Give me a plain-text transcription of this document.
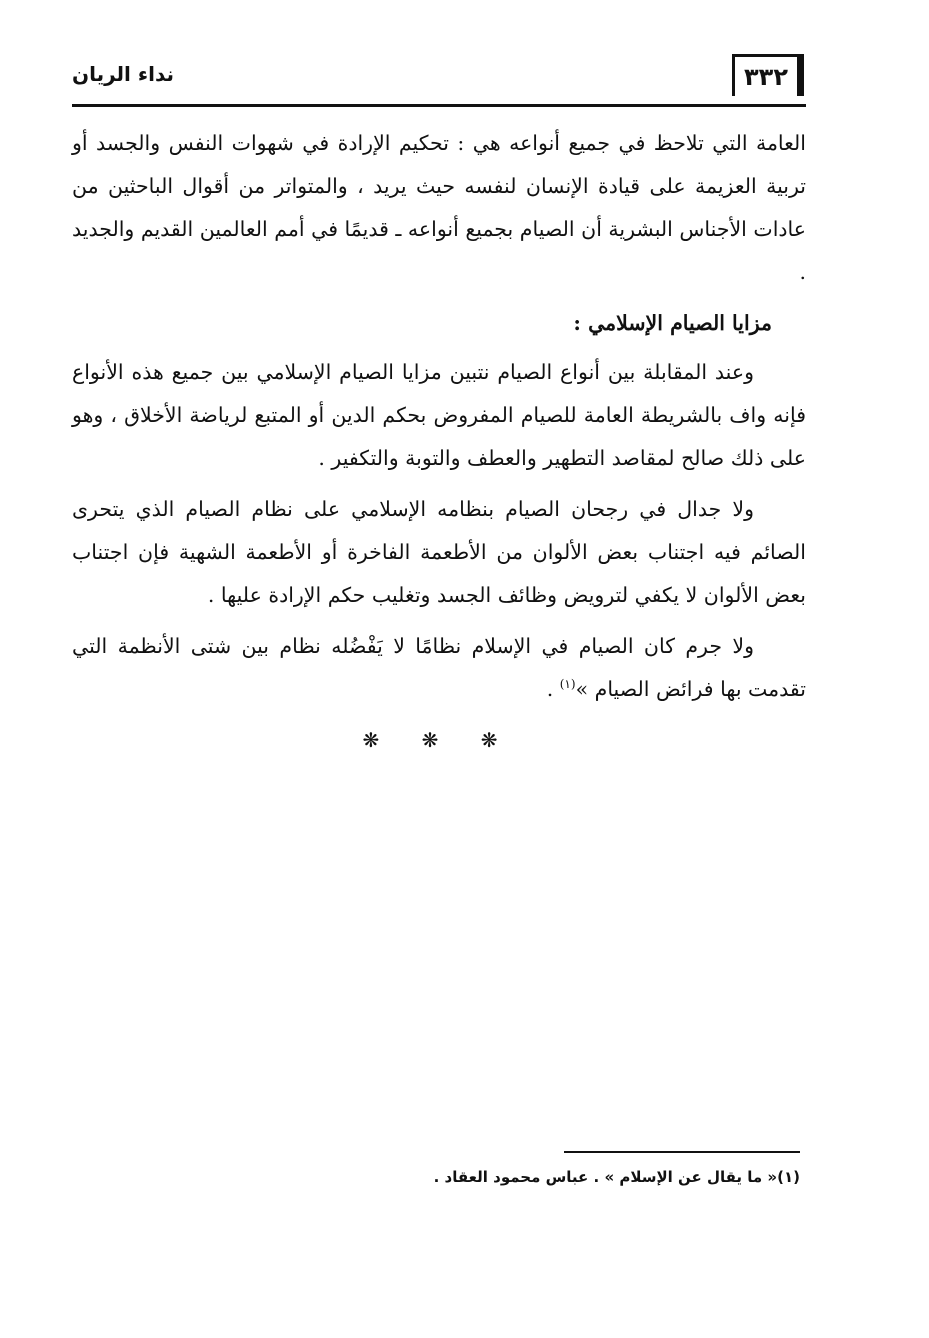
٣٣٢
نداء الريان

العامة التي تلاحظ في جميع أنواعه هي : تحكيم الإرادة في شهوات النفس والجسد أو تربية العزيمة على قيادة الإنسان لنفسه حيث يريد ، والمتواتر من أقوال الباحثين من عادات الأجناس البشرية أن الصيام بجميع أنواعه ـ قديمًا في أمم العالمين القديم والجديد .

مزايا الصيام الإسلامي :

وعند المقابلة بين أنواع الصيام نتبين مزايا الصيام الإسلامي بين جميع هذه الأنواع فإنه واف بالشريطة العامة للصيام المفروض بحكم الدين أو المتبع لرياضة الأخلاق ، وهو على ذلك صالح لمقاصد التطهير والعطف والتوبة والتكفير .

ولا جدال في رجحان الصيام بنظامه الإسلامي على نظام الصيام الذي يتحرى الصائم فيه اجتناب بعض الألوان من الأطعمة الفاخرة أو الأطعمة الشهية فإن اجتناب بعض الألوان لا يكفي لترويض وظائف الجسد وتغليب حكم الإرادة عليها .

ولا جرم كان الصيام في الإسلام نظامًا لا يَفْضُله نظام بين شتى الأنظمة التي تقدمت بها فرائض الصيام »$^{(١)}$ .

❋ ❋ ❋
(١)« ما يقال عن الإسلام » . عباس محمود العقاد .
